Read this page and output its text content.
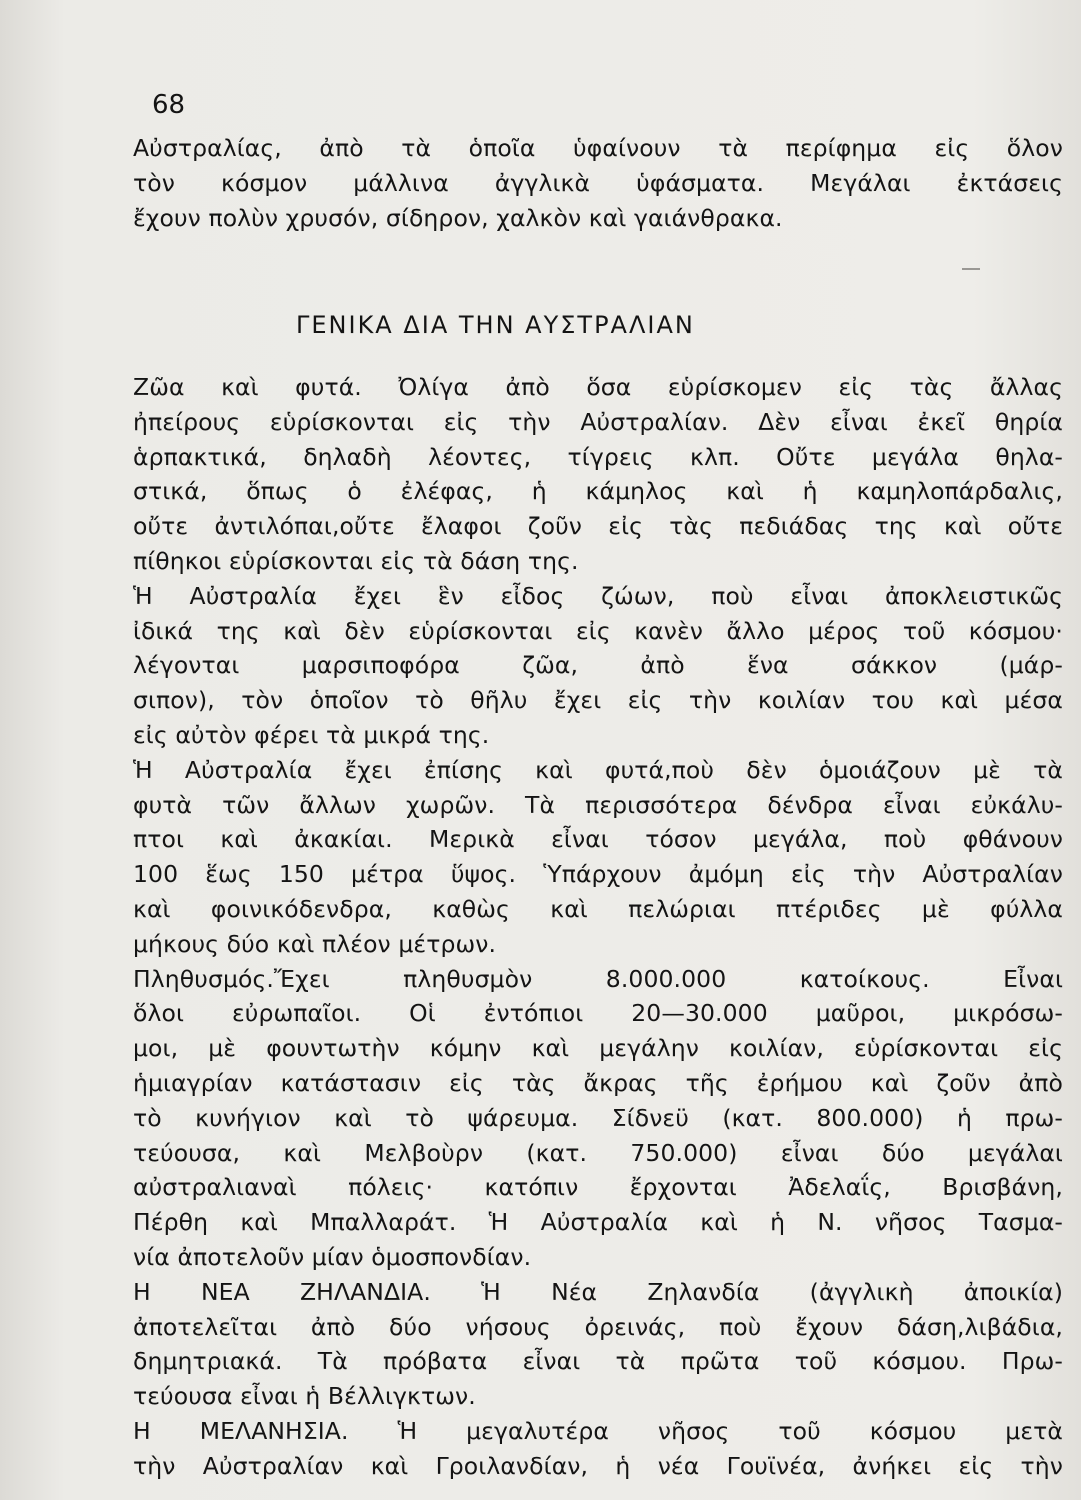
68
Αὐστραλίας, ἀπὸ τὰ ὁποῖα ὑφαίνουν τὰ περίφημα εἰς ὅλον
τὸν κόσμον μάλλινα ἀγγλικὰ ὑφάσματα. Μεγάλαι ἐκτάσεις
ἔχουν πολὺν χρυσόν, σίδηρον, χαλκὸν καὶ γαιάνθρακα.
ΓΕΝΙΚΑ ΔΙΑ ΤΗΝ ΑΥΣΤΡΑΛΙΑΝ
Ζῶα καὶ φυτά. Ὀλίγα ἀπὸ ὅσα εὑρίσκομεν εἰς τὰς ἄλλας
ἠπείρους εὑρίσκονται εἰς τὴν Αὐστραλίαν. Δὲν εἶναι ἐκεῖ θηρία
ἁρπακτικά, δηλαδὴ λέοντες, τίγρεις κλπ. Οὔτε μεγάλα θηλα-
στικά, ὅπως ὁ ἐλέφας, ἡ κάμηλος καὶ ἡ καμηλοπάρδαλις,
οὔτε ἀντιλόπαι,οὔτε ἔλαφοι ζοῦν εἰς τὰς πεδιάδας της καὶ οὔτε
πίθηκοι εὑρίσκονται εἰς τὰ δάση της.
Ἡ Αὐστραλία ἔχει ἓν εἶδος ζώων, ποὺ εἶναι ἀποκλειστικῶς
ἰδικά της καὶ δὲν εὑρίσκονται εἰς κανὲν ἄλλο μέρος τοῦ κόσμου·
λέγονται μαρσιποφόρα ζῶα, ἀπὸ ἕνα σάκκον (μάρ-
σιπον), τὸν ὁποῖον τὸ θῆλυ ἔχει εἰς τὴν κοιλίαν του καὶ μέσα
εἰς αὐτὸν φέρει τὰ μικρά της.
Ἡ Αὐστραλία ἔχει ἐπίσης καὶ φυτά,ποὺ δὲν ὁμοιάζουν μὲ τὰ
φυτὰ τῶν ἄλλων χωρῶν. Τὰ περισσότερα δένδρα εἶναι εὐκάλυ-
πτοι καὶ ἀκακίαι. Μερικὰ εἶναι τόσον μεγάλα, ποὺ φθάνουν
100 ἕως 150 μέτρα ὕψος. Ὑπάρχουν ἀμόμη εἰς τὴν Αὐστραλίαν
καὶ φοινικόδενδρα, καθὼς καὶ πελώριαι πτέριδες μὲ φύλλα
μήκους δύο καὶ πλέον μέτρων.
Πληθυσμός.Ἔχει πληθυσμὸν 8.000.000 κατοίκους. Εἶναι
ὅλοι εὐρωπαῖοι. Οἱ ἐντόπιοι 20—30.000 μαῦροι, μικρόσω-
μοι, μὲ φουντωτὴν κόμην καὶ μεγάλην κοιλίαν, εὑρίσκονται εἰς
ἡμιαγρίαν κατάστασιν εἰς τὰς ἄκρας τῆς ἐρήμου καὶ ζοῦν ἀπὸ
τὸ κυνήγιον καὶ τὸ ψάρευμα. Σίδνεϋ (κατ. 800.000) ἡ πρω-
τεύουσα, καὶ Μελβοὺρν (κατ. 750.000) εἶναι δύο μεγάλαι
αὐστραλιαναὶ πόλεις· κατόπιν ἔρχονται Ἀδελαΐς, Βρισβάνη,
Πέρθη καὶ Μπαλλαράτ. Ἡ Αὐστραλία καὶ ἡ Ν. νῆσος Τασμα-
νία ἀποτελοῦν μίαν ὁμοσπονδίαν.
Η ΝΕΑ ΖΗΛΑΝΔΙΑ. Ἡ Νέα Ζηλανδία (ἀγγλικὴ ἀποικία)
ἀποτελεῖται ἀπὸ δύο νήσους ὀρεινάς, ποὺ ἔχουν δάση,λιβάδια,
δημητριακά. Τὰ πρόβατα εἶναι τὰ πρῶτα τοῦ κόσμου. Πρω-
τεύουσα εἶναι ἡ Βέλλιγκτων.
Η ΜΕΛΑΝΗΣΙΑ. Ἡ μεγαλυτέρα νῆσος τοῦ κόσμου μετὰ
τὴν Αὐστραλίαν καὶ Γροιλανδίαν, ἡ νέα Γουϊνέα, ἀνήκει εἰς τὴν
